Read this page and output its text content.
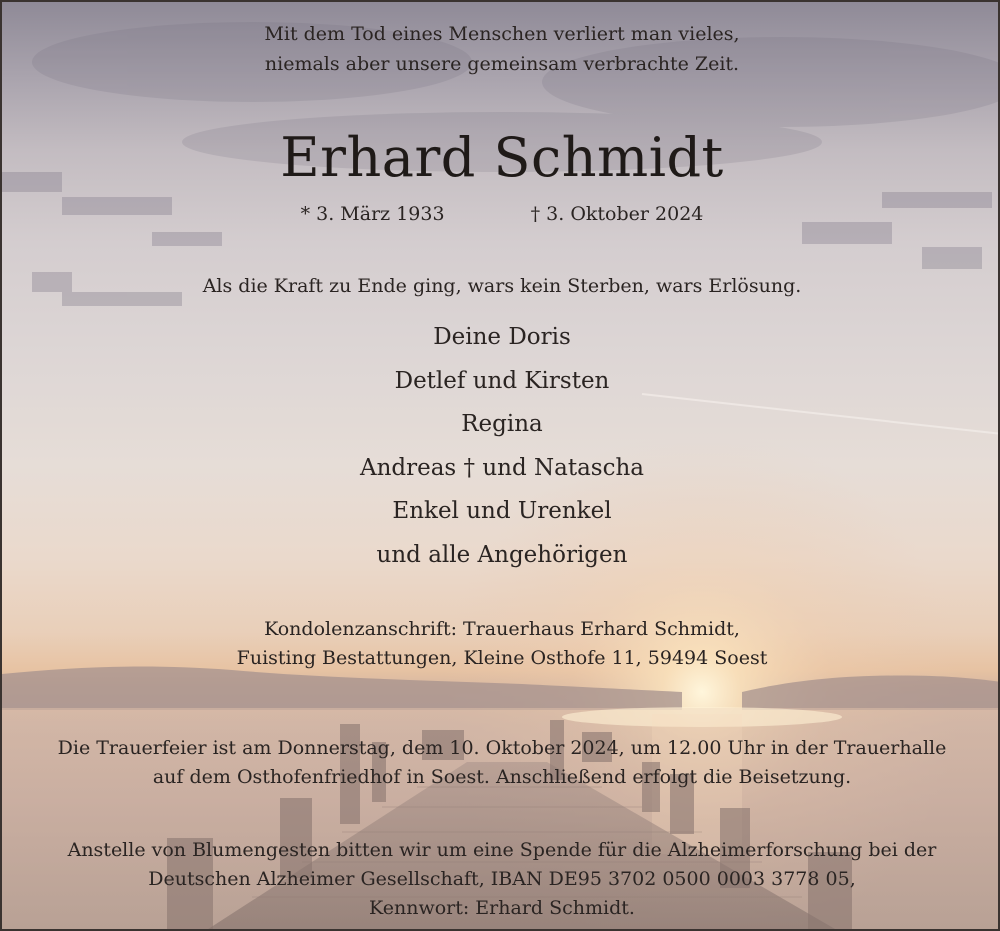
Mit dem Tod eines Menschen verliert man vieles,
niemals aber unsere gemeinsam verbrachte Zeit.
Erhard Schmidt
* 3. März 1933	† 3. Oktober 2024
Als die Kraft zu Ende ging, wars kein Sterben, wars Erlösung.
Deine Doris
Detlef und Kirsten
Regina
Andreas † und Natascha
Enkel und Urenkel
und alle Angehörigen
Kondolenzanschrift: Trauerhaus Erhard Schmidt,
Fuisting Bestattungen, Kleine Osthofe 11, 59494 Soest
Die Trauerfeier ist am Donnerstag, dem 10. Oktober 2024, um 12.00 Uhr in der Trauerhalle
auf dem Osthofenfriedhof in Soest. Anschließend erfolgt die Beisetzung.
Anstelle von Blumengesten bitten wir um eine Spende für die Alzheimerforschung bei der
Deutschen Alzheimer Gesellschaft, IBAN DE95 3702 0500 0003 3778 05,
Kennwort: Erhard Schmidt.
